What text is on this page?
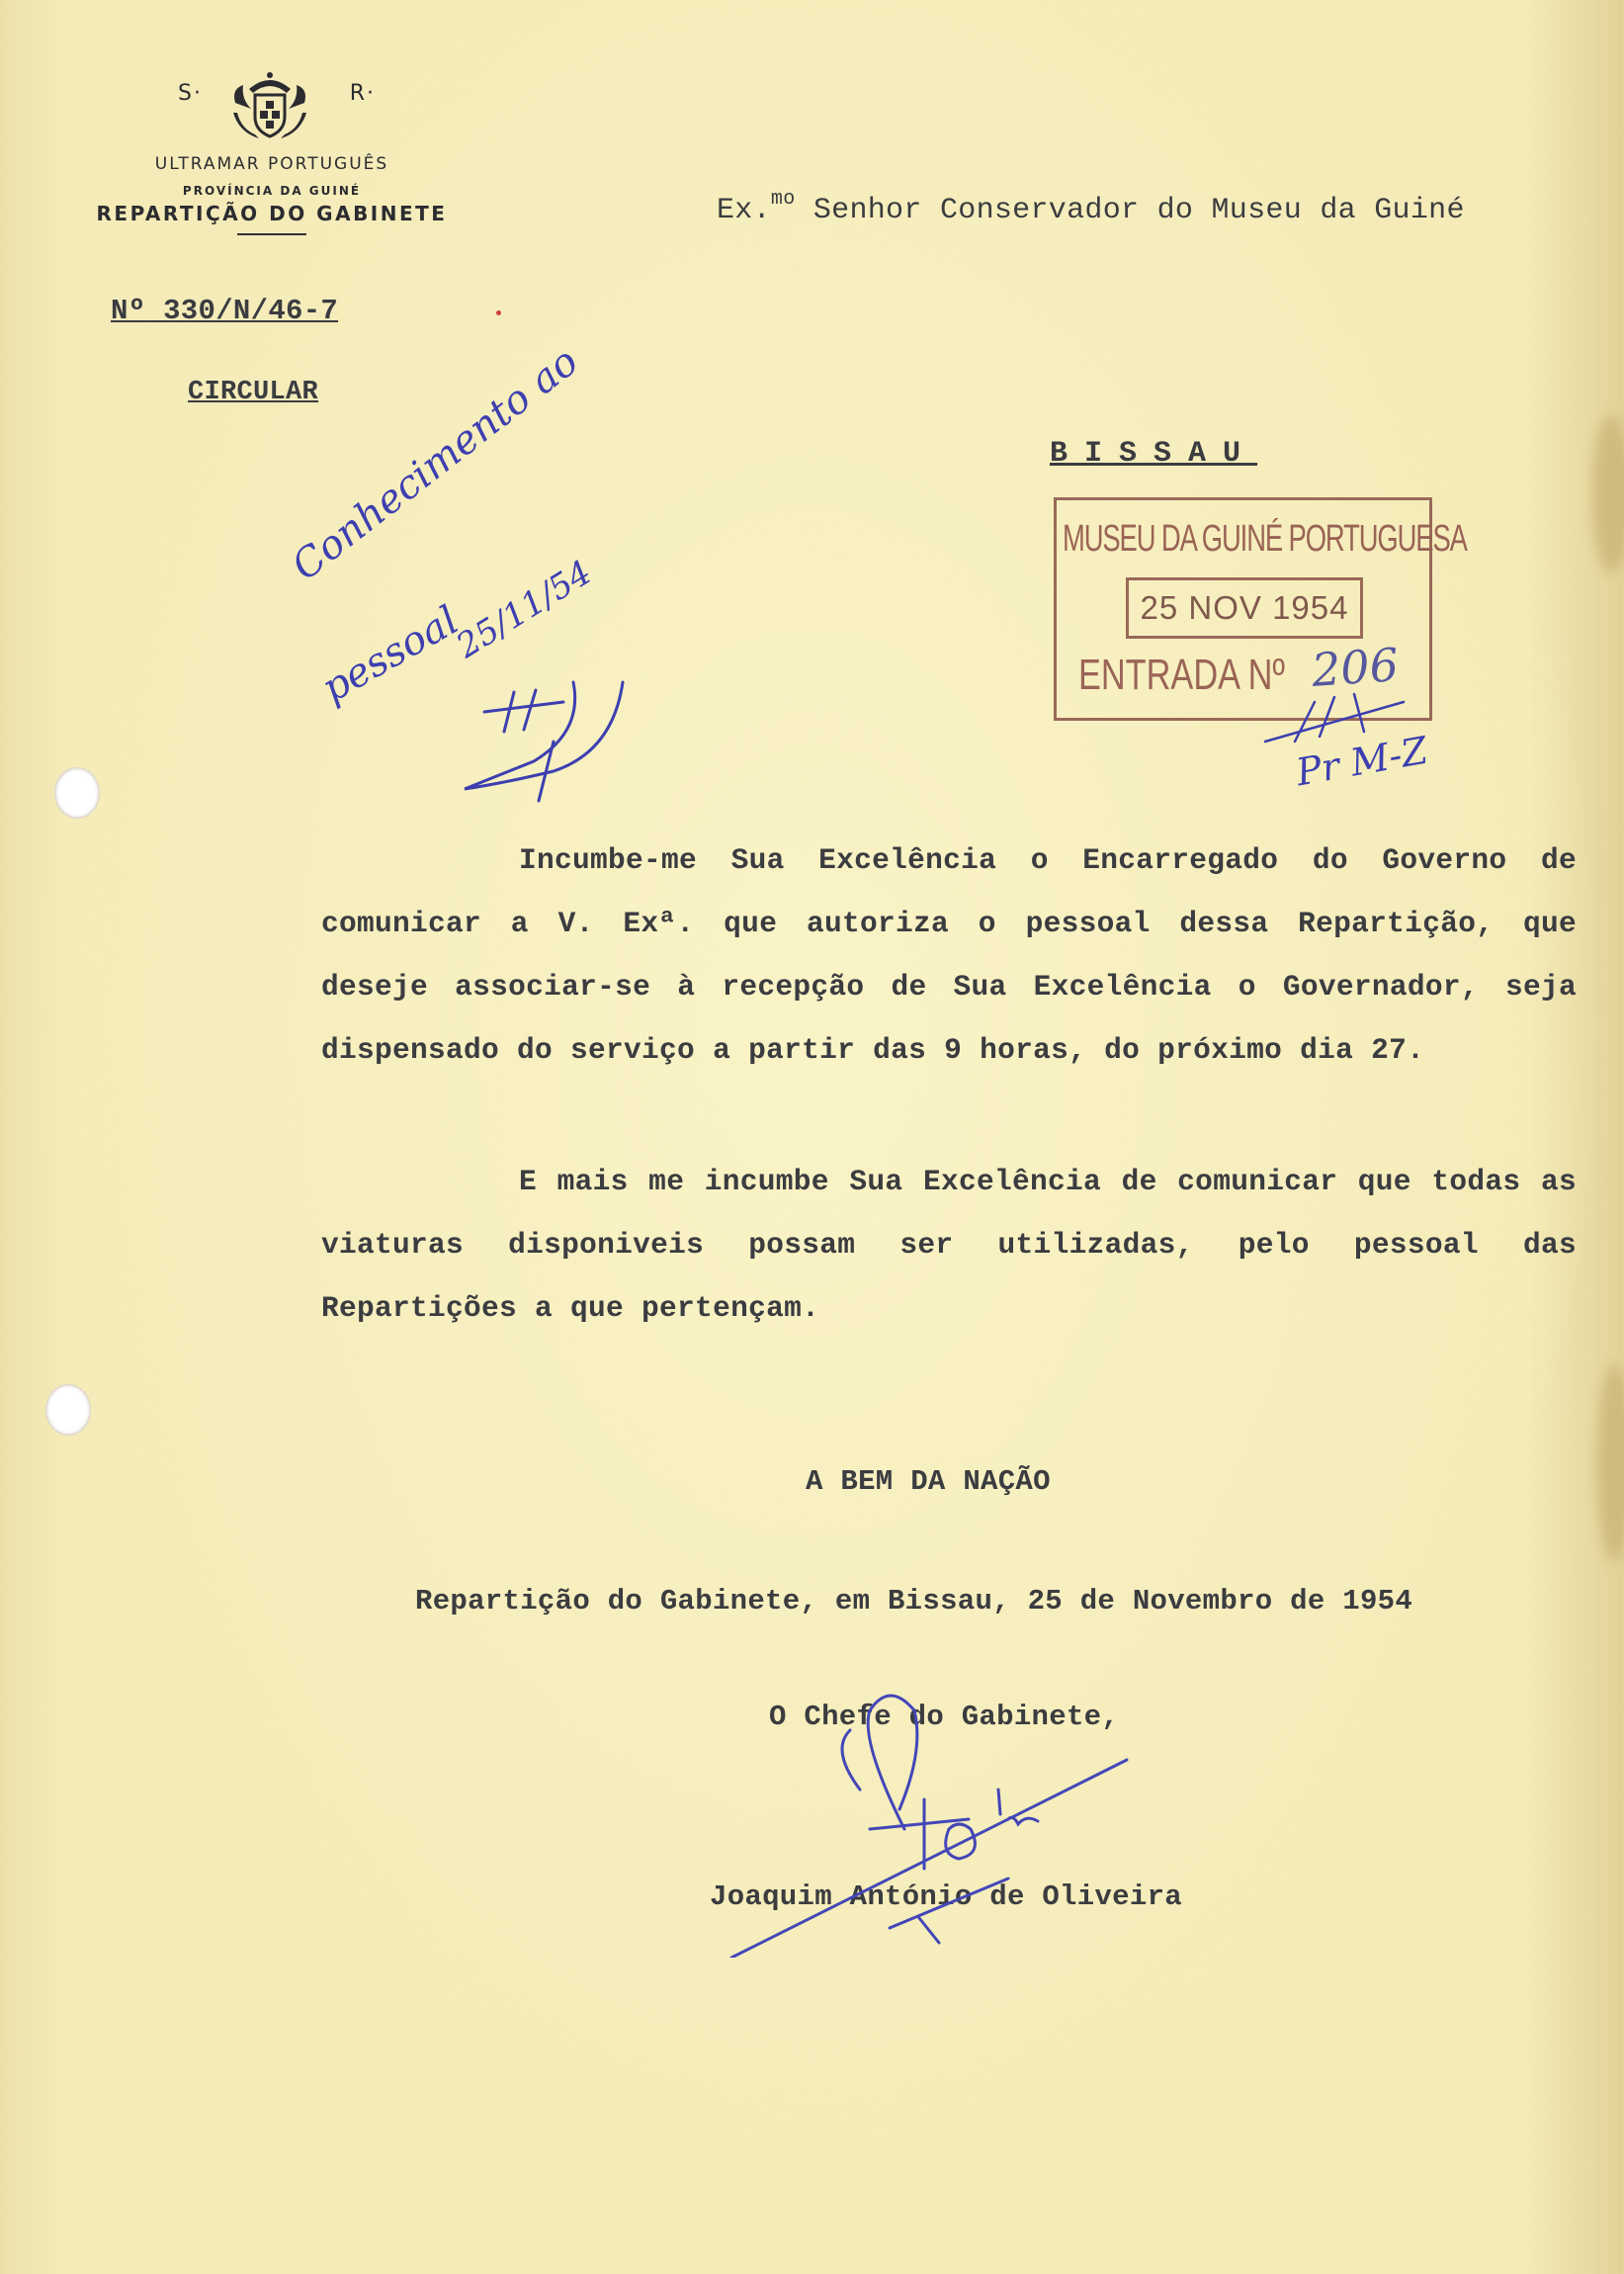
S·	R·
ULTRAMAR PORTUGUÊS
PROVÍNCIA DA GUINÉ
REPARTIÇÃO DO GABINETE	Ex.$^{mo}$ Senhor Conservador do Museu da Guiné
Nº 330/N/46-7
CIRCULAR
BISSAU
MUSEU DA GUINÉ PORTUGUESA
25 NOV 1954
ENTRADA Nº 206
Conhecimento ao
pessoal
25/11/54
Pr M-Z
Incumbe-me Sua Excelência o Encarregado do Governo de comunicar a V. Exª. que autoriza o pessoal dessa Repartição, que deseje associar-se à recepção de Sua Excelência o Governador, seja dispensado do serviço a partir das 9 horas, do próximo dia 27.
E mais me incumbe Sua Excelência de comunicar que todas as viaturas disponiveis possam ser utilizadas, pelo pessoal das Repartições a que pertençam.
A BEM DA NAÇÃO
Repartição do Gabinete, em Bissau, 25 de Novembro de 1954
O Chefe do Gabinete,
Joaquim António de Oliveira
